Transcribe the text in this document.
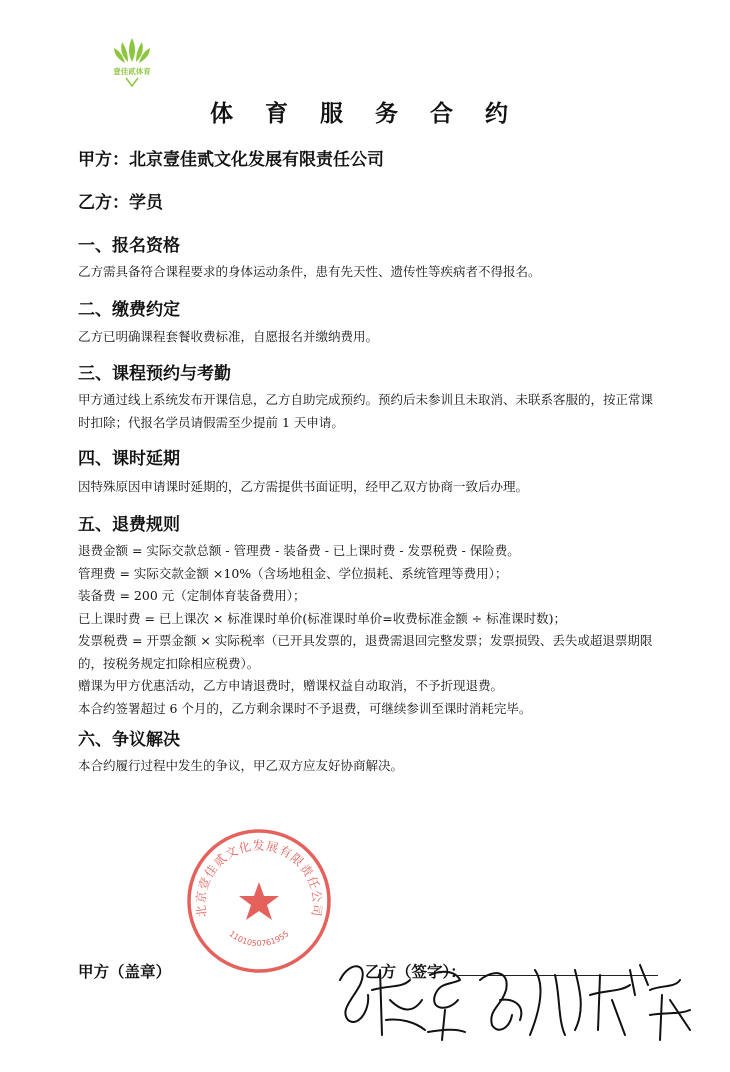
壹佳贰体育
体 育 服 务 合 约
甲方：北京壹佳贰文化发展有限责任公司
乙方：学员
一、报名资格

乙方需具备符合课程要求的身体运动条件，患有先天性、遗传性等疾病者不得报名。

二、缴费约定

乙方已明确课程套餐收费标准，自愿报名并缴纳费用。

三、课程预约与考勤

甲方通过线上系统发布开课信息，乙方自助完成预约。预约后未参训且未取消、未联系客服的，按正常课时扣除；代报名学员请假需至少提前 1 天申请。

四、课时延期

因特殊原因申请课时延期的，乙方需提供书面证明，经甲乙双方协商一致后办理。

五、退费规则

退费金额 = 实际交款总额 - 管理费 - 装备费 - 已上课时费 - 发票税费 - 保险费。

管理费 = 实际交款金额 ×10%（含场地租金、学位损耗、系统管理等费用）；

装备费 = 200 元（定制体育装备费用）；

已上课时费 = 已上课次 × 标准课时单价(标准课时单价=收费标准金额 ÷ 标准课时数)；

发票税费 = 开票金额 × 实际税率（已开具发票的，退费需退回完整发票；发票损毁、丢失或超退票期限的，按税务规定扣除相应税费）。

赠课为甲方优惠活动，乙方申请退费时，赠课权益自动取消，不予折现退费。

本合约签署超过 6 个月的，乙方剩余课时不予退费，可继续参训至课时消耗完毕。

六、争议解决

本合约履行过程中发生的争议，甲乙双方应友好协商解决。

北京壹佳贰文化发展有限责任公司
1101050761955
甲方（盖章）	乙方（签字）：
